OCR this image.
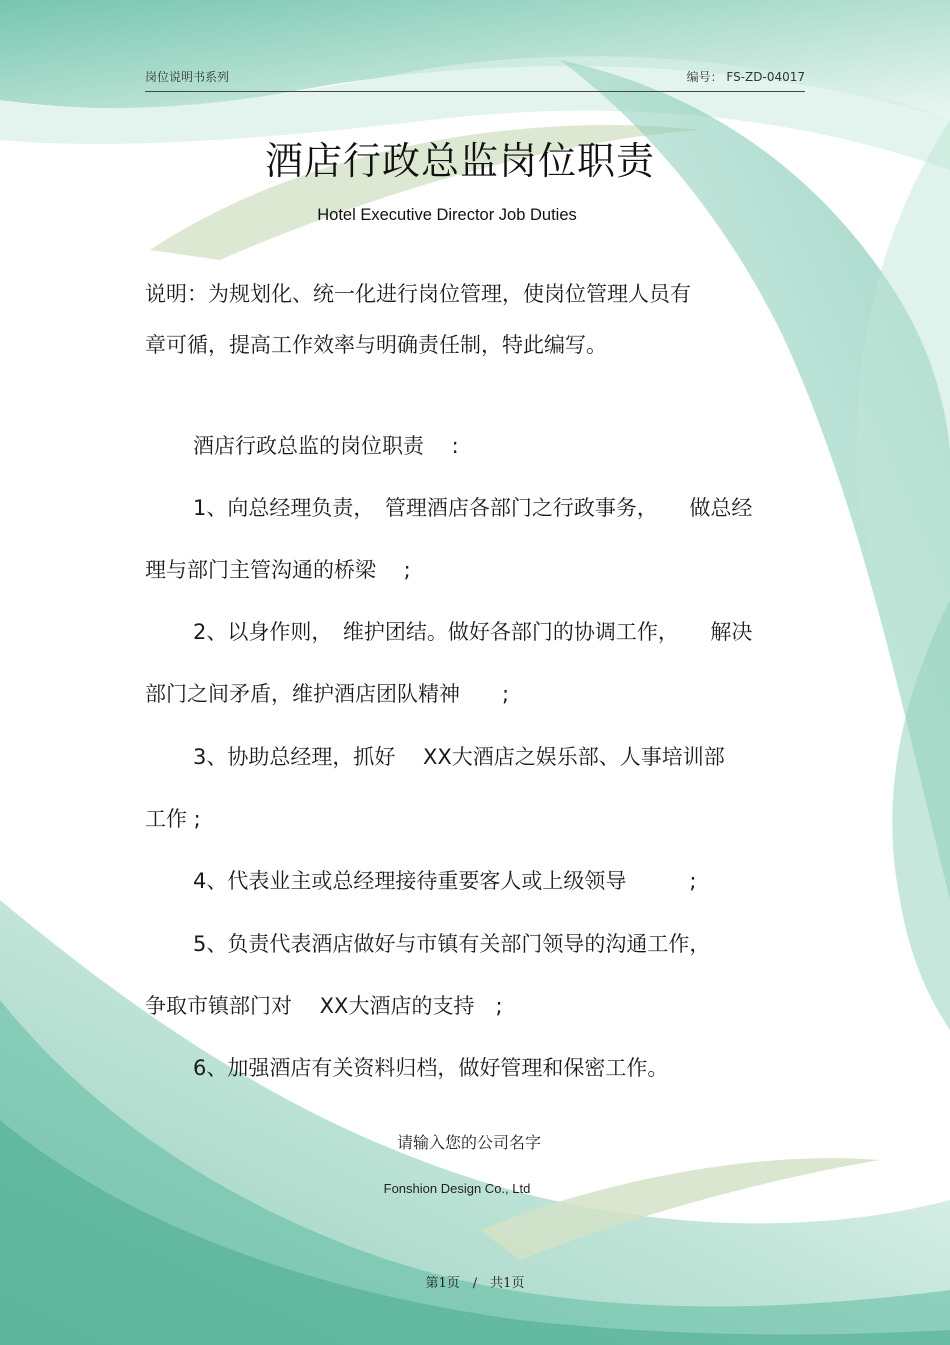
岗位说明书系列	编号： FS-ZD-04017
酒店行政总监岗位职责
Hotel Executive Director Job Duties
说明：为规划化、统一化进行岗位管理，使岗位管理人员有
章可循，提高工作效率与明确责任制，特此编写。
酒店行政总监的岗位职责　 :
1、向总经理负责，　管理酒店各部门之行政事务，　　做总经
理与部门主管沟通的桥梁　 ;
2、以身作则，　维护团结。做好各部门的协调工作，　　解决
部门之间矛盾，维护酒店团队精神　　;
3、协助总经理，抓好　 XX大酒店之娱乐部、人事培训部
工作 ;
4、代表业主或总经理接待重要客人或上级领导　　　;
5、负责代表酒店做好与市镇有关部门领导的沟通工作，
争取市镇部门对　 XX大酒店的支持　;
6、加强酒店有关资料归档，做好管理和保密工作。
请输入您的公司名字
Fonshion Design Co., Ltd
第1页　/　共1页
